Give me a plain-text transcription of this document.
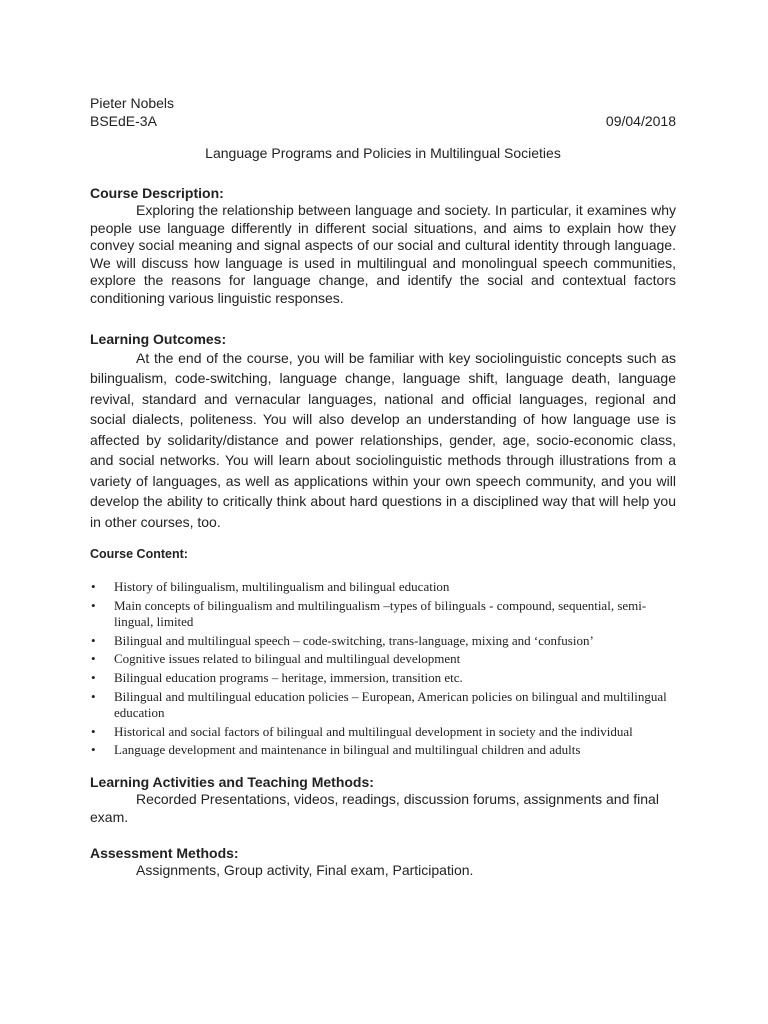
Pieter Nobels
BSEdE-3A	09/04/2018
Language Programs and Policies in Multilingual Societies
Course Description:
Exploring the relationship between language and society. In particular, it examines why people use language differently in different social situations, and aims to explain how they convey social meaning and signal aspects of our social and cultural identity through language. We will discuss how language is used in multilingual and monolingual speech communities, explore the reasons for language change, and identify the social and contextual factors conditioning various linguistic responses.
Learning Outcomes:
At the end of the course, you will be familiar with key sociolinguistic concepts such as bilingualism, code-switching, language change, language shift, language death, language revival, standard and vernacular languages, national and official languages, regional and social dialects, politeness. You will also develop an understanding of how language use is affected by solidarity/distance and power relationships, gender, age, socio-economic class, and social networks. You will learn about sociolinguistic methods through illustrations from a variety of languages, as well as applications within your own speech community, and you will develop the ability to critically think about hard questions in a disciplined way that will help you in other courses, too.
Course Content:
• History of bilingualism, multilingualism and bilingual education
• Main concepts of bilingualism and multilingualism –types of bilinguals - compound, sequential, semi-lingual, limited
• Bilingual and multilingual speech – code-switching, trans-language, mixing and ‘confusion’
• Cognitive issues related to bilingual and multilingual development
• Bilingual education programs – heritage, immersion, transition etc.
• Bilingual and multilingual education policies – European, American policies on bilingual and multilingual education
• Historical and social factors of bilingual and multilingual development in society and the individual
• Language development and maintenance in bilingual and multilingual children and adults
Learning Activities and Teaching Methods:
Recorded Presentations, videos, readings, discussion forums, assignments and final exam.
Assessment Methods:
Assignments, Group activity, Final exam, Participation.
